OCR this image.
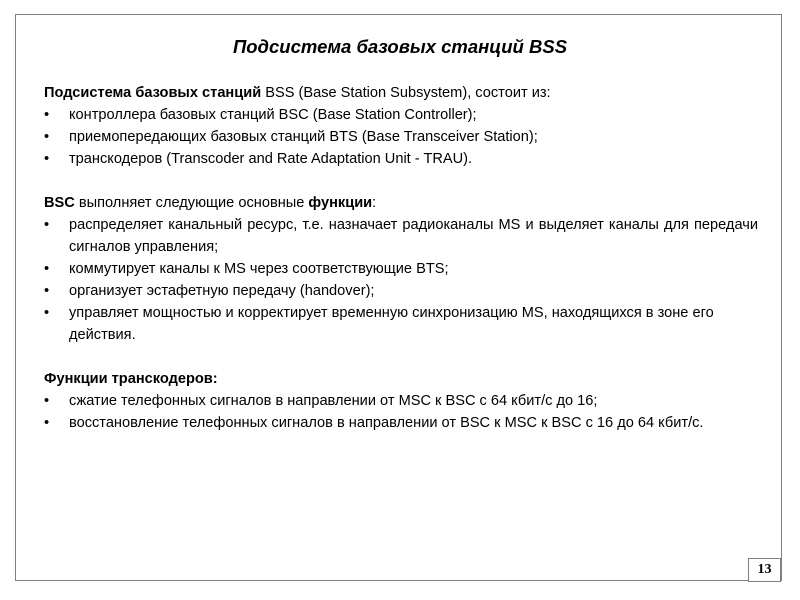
Подсистема базовых станций BSS

Подсистема базовых станций BSS (Base Station Subsystem), состоит из:

• контроллера базовых станций BSC (Base Station Controller);
• приемопередающих базовых станций BTS (Base Transceiver Station);
• транскодеров (Transcoder and Rate Adaptation Unit - TRAU).

BSC выполняет следующие основные функции:

• распределяет канальный ресурс, т.е. назначает радиоканалы MS и выделяет каналы для передачи сигналов управления;
• коммутирует каналы к MS через соответствующие BTS;
• организует эстафетную передачу (handover);
• управляет мощностью и корректирует временную синхронизацию MS, находящихся в зоне его действия.

Функции транскодеров:

• сжатие телефонных сигналов в направлении от MSC к BSC с 64 кбит/с до 16;
• восстановление телефонных сигналов в направлении от BSC к MSC к BSC с 16 до 64 кбит/с.
13
